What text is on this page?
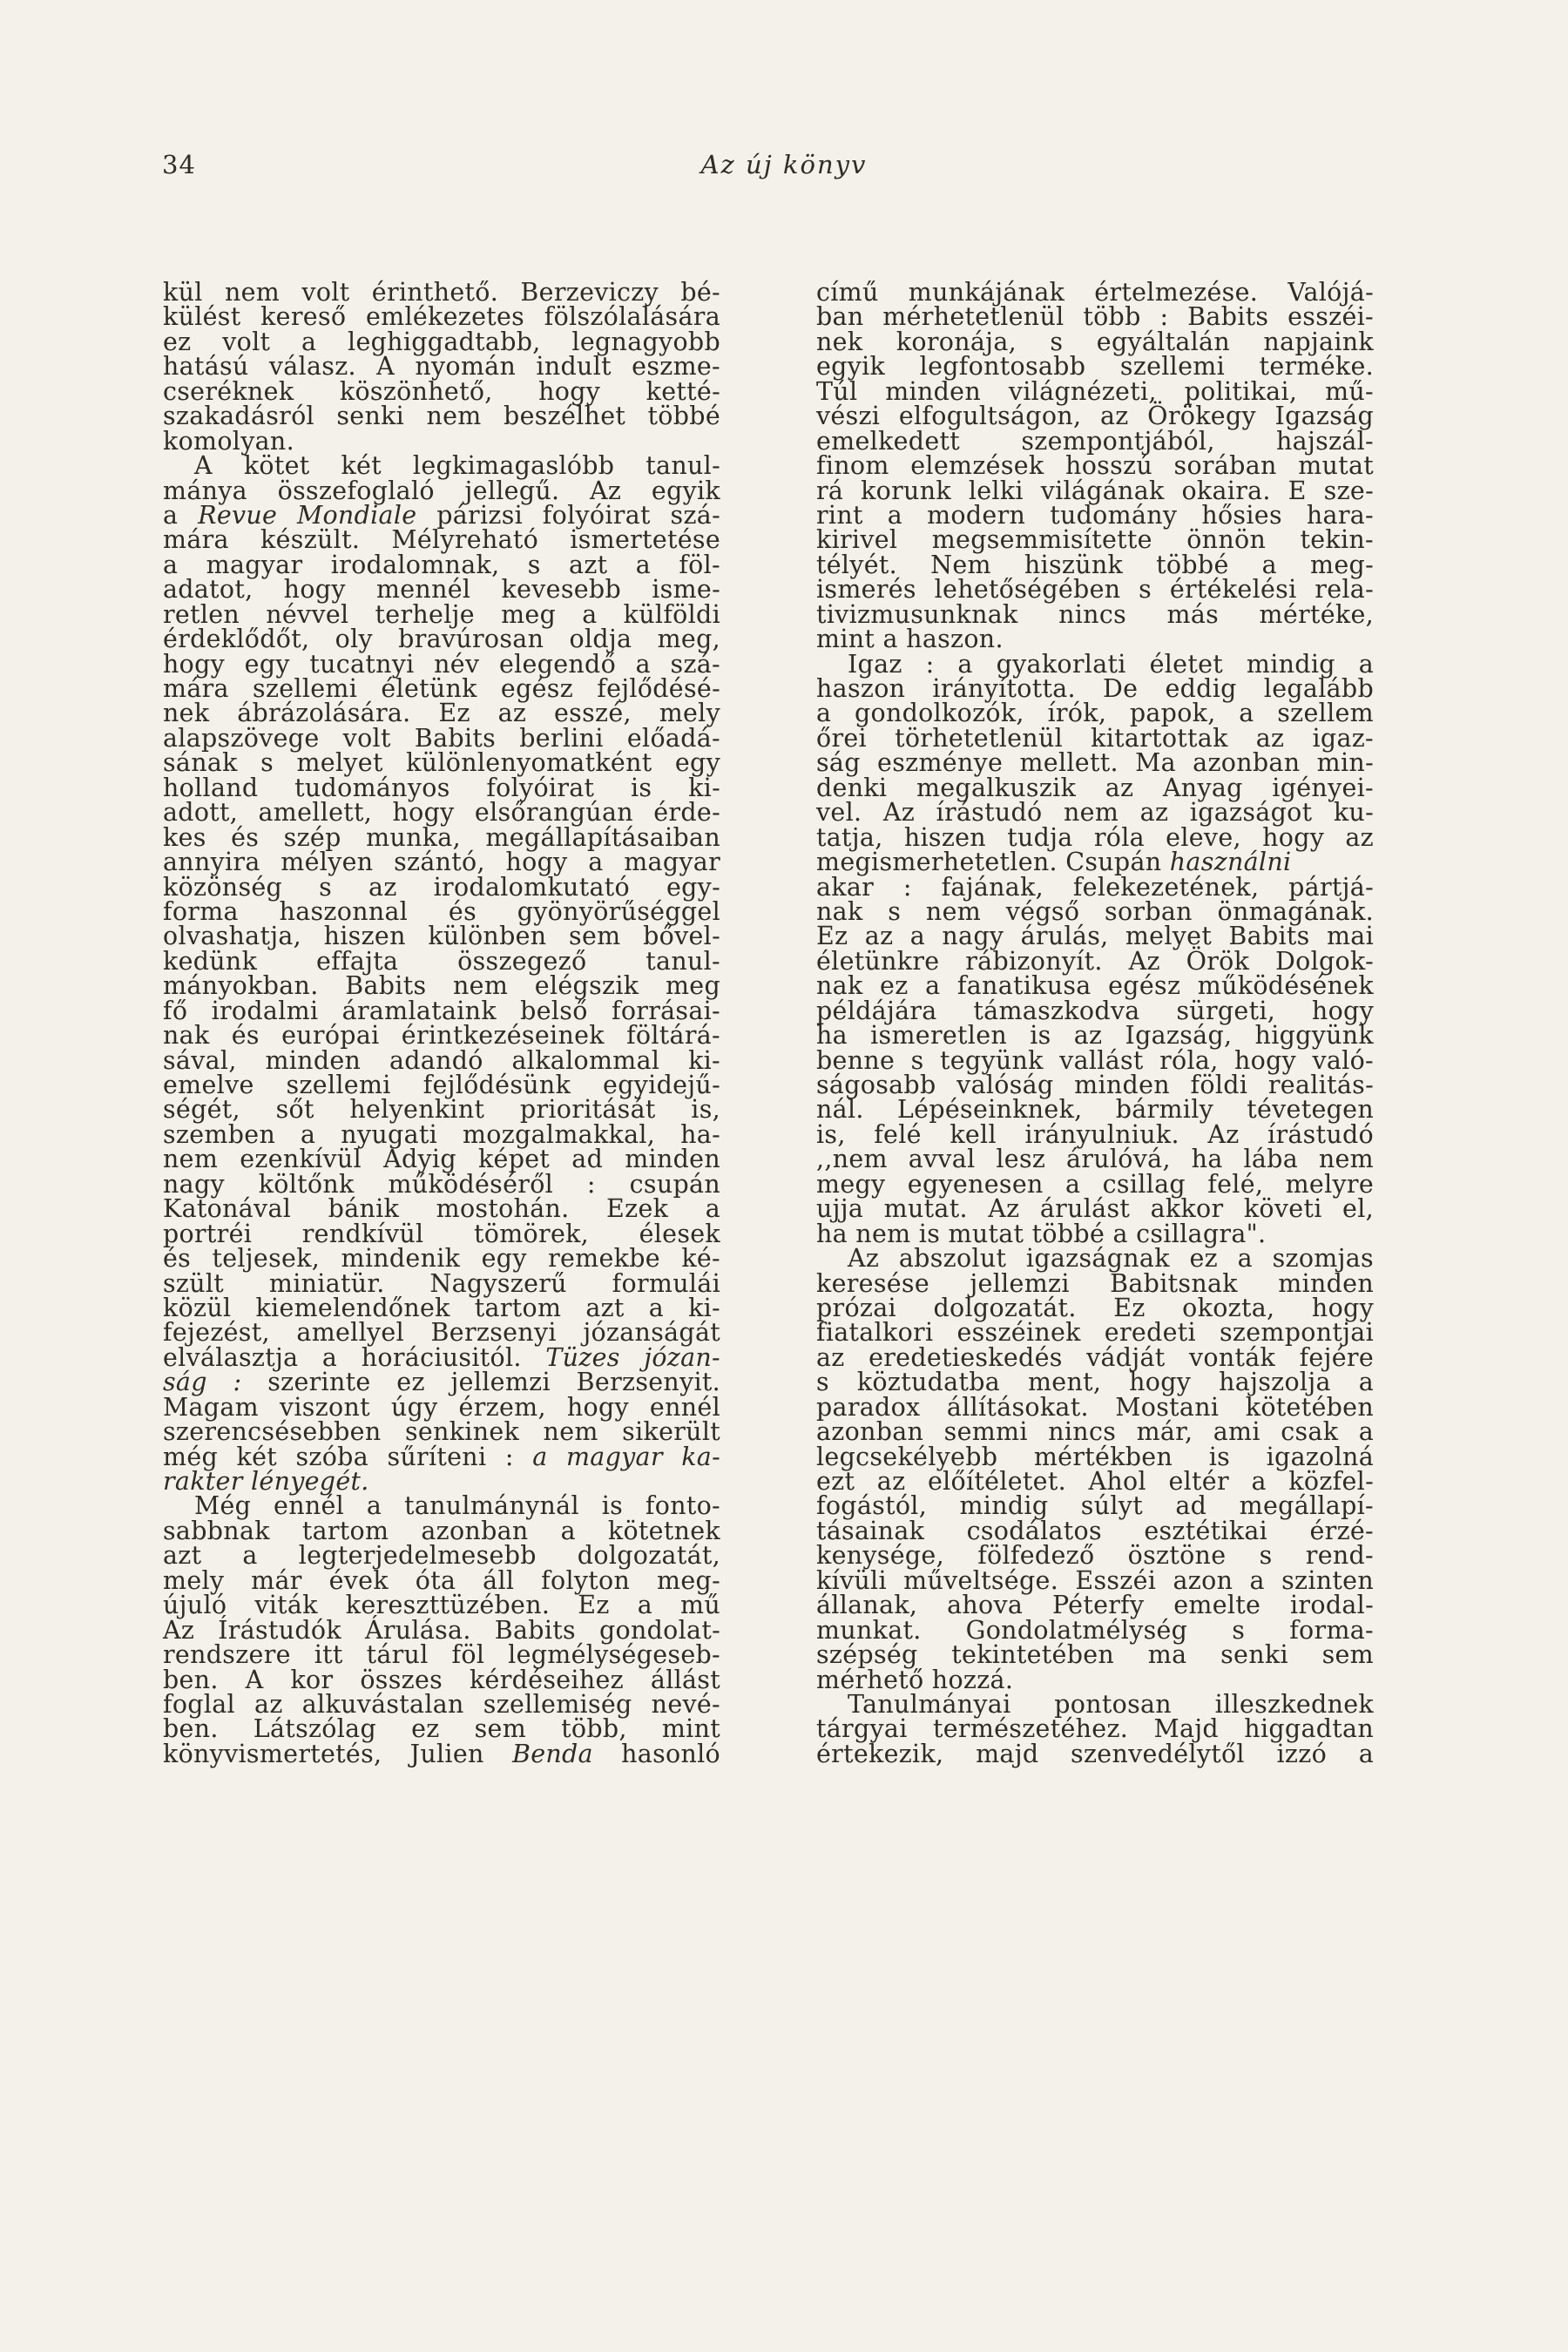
34	Az új könyv
kül nem volt érinthető. Berzeviczy bé-
külést kereső emlékezetes fölszólalására
ez volt a leghiggadtabb, legnagyobb
hatású válasz. A nyomán indult eszme-
cseréknek köszönhető, hogy ketté-
szakadásról senki nem beszélhet többé
komolyan.
A kötet két legkimagaslóbb tanul-
mánya összefoglaló jellegű. Az egyik
a Revue Mondiale párizsi folyóirat szá-
mára készült. Mélyreható ismertetése
a magyar irodalomnak, s azt a föl-
adatot, hogy mennél kevesebb isme-
retlen névvel terhelje meg a külföldi
érdeklődőt, oly bravúrosan oldja meg,
hogy egy tucatnyi név elegendő a szá-
mára szellemi életünk egész fejlődésé-
nek ábrázolására. Ez az esszé, mely
alapszövege volt Babits berlini előadá-
sának s melyet különlenyomatként egy
holland tudományos folyóirat is ki-
adott, amellett, hogy elsőrangúan érde-
kes és szép munka, megállapításaiban
annyira mélyen szántó, hogy a magyar
közönség s az irodalomkutató egy-
forma haszonnal és gyönyörűséggel
olvashatja, hiszen különben sem bővel-
kedünk effajta összegező tanul-
mányokban. Babits nem elégszik meg
fő irodalmi áramlataink belső forrásai-
nak és európai érintkezéseinek föltárá-
sával, minden adandó alkalommal ki-
emelve szellemi fejlődésünk egyidejű-
ségét, sőt helyenkint prioritását is,
szemben a nyugati mozgalmakkal, ha-
nem ezenkívül Adyig képet ad minden
nagy költőnk működéséről : csupán
Katonával bánik mostohán. Ezek a
portréi rendkívül tömörek, élesek
és teljesek, mindenik egy remekbe ké-
szült miniatür. Nagyszerű formulái
közül kiemelendőnek tartom azt a ki-
fejezést, amellyel Berzsenyi józanságát
elválasztja a horáciusitól. Tüzes józan-
ság : szerinte ez jellemzi Berzsenyit.
Magam viszont úgy érzem, hogy ennél
szerencsésebben senkinek nem sikerült
még két szóba sűríteni : a magyar ka-
rakter lényegét.
Még ennél a tanulmánynál is fonto-
sabbnak tartom azonban a kötetnek
azt a legterjedelmesebb dolgozatát,
mely már évek óta áll folyton meg-
újuló viták kereszttüzében. Ez a mű
Az Írástudók Árulása. Babits gondolat-
rendszere itt tárul föl legmélységeseb-
ben. A kor összes kérdéseihez állást
foglal az alkuvástalan szellemiség nevé-
ben. Látszólag ez sem több, mint
könyvismertetés, Julien Benda hasonló
című munkájának értelmezése. Valójá-
ban mérhetetlenül több : Babits esszéi-
nek koronája, s egyáltalán napjaink
egyik legfontosabb szellemi terméke.
Túl minden világnézeti, politikai, mű-
vészi elfogultságon, az Örökegy Igazság
emelkedett szempontjából, hajszál-
finom elemzések hosszú sorában mutat
rá korunk lelki világának okaira. E sze-
rint a modern tudomány hősies hara-
kirivel megsemmisítette önnön tekin-
télyét. Nem hiszünk többé a meg-
ismerés lehetőségében s értékelési rela-
tivizmusunknak nincs más mértéke,
mint a haszon.
Igaz : a gyakorlati életet mindig a
haszon irányította. De eddig legalább
a gondolkozók, írók, papok, a szellem
őrei törhetetlenül kitartottak az igaz-
ság eszménye mellett. Ma azonban min-
denki megalkuszik az Anyag igényei-
vel. Az írástudó nem az igazságot ku-
tatja, hiszen tudja róla eleve, hogy az
megismerhetetlen. Csupán használni
akar : fajának, felekezetének, pártjá-
nak s nem végső sorban önmagának.
Ez az a nagy árulás, melyet Babits mai
életünkre rábizonyít. Az Örök Dolgok-
nak ez a fanatikusa egész működésének
példájára támaszkodva sürgeti, hogy
ha ismeretlen is az Igazság, higgyünk
benne s tegyünk vallást róla, hogy való-
ságosabb valóság minden földi realitás-
nál. Lépéseinknek, bármily tévetegen
is, felé kell irányulniuk. Az írástudó
,,nem avval lesz árulóvá, ha lába nem
megy egyenesen a csillag felé, melyre
ujja mutat. Az árulást akkor követi el,
ha nem is mutat többé a csillagra".
Az abszolut igazságnak ez a szomjas
keresése jellemzi Babitsnak minden
prózai dolgozatát. Ez okozta, hogy
fiatalkori esszéinek eredeti szempontjai
az eredetieskedés vádját vonták fejére
s köztudatba ment, hogy hajszolja a
paradox állításokat. Mostani kötetében
azonban semmi nincs már, ami csak a
legcsekélyebb mértékben is igazolná
ezt az előítéletet. Ahol eltér a közfel-
fogástól, mindig súlyt ad megállapí-
tásainak csodálatos esztétikai érzé-
kenysége, fölfedező ösztöne s rend-
kívüli műveltsége. Esszéi azon a szinten
állanak, ahova Péterfy emelte irodal-
munkat. Gondolatmélység s forma-
szépség tekintetében ma senki sem
mérhető hozzá.
Tanulmányai pontosan illeszkednek
tárgyai természetéhez. Majd higgadtan
értekezik, majd szenvedélytől izzó a
